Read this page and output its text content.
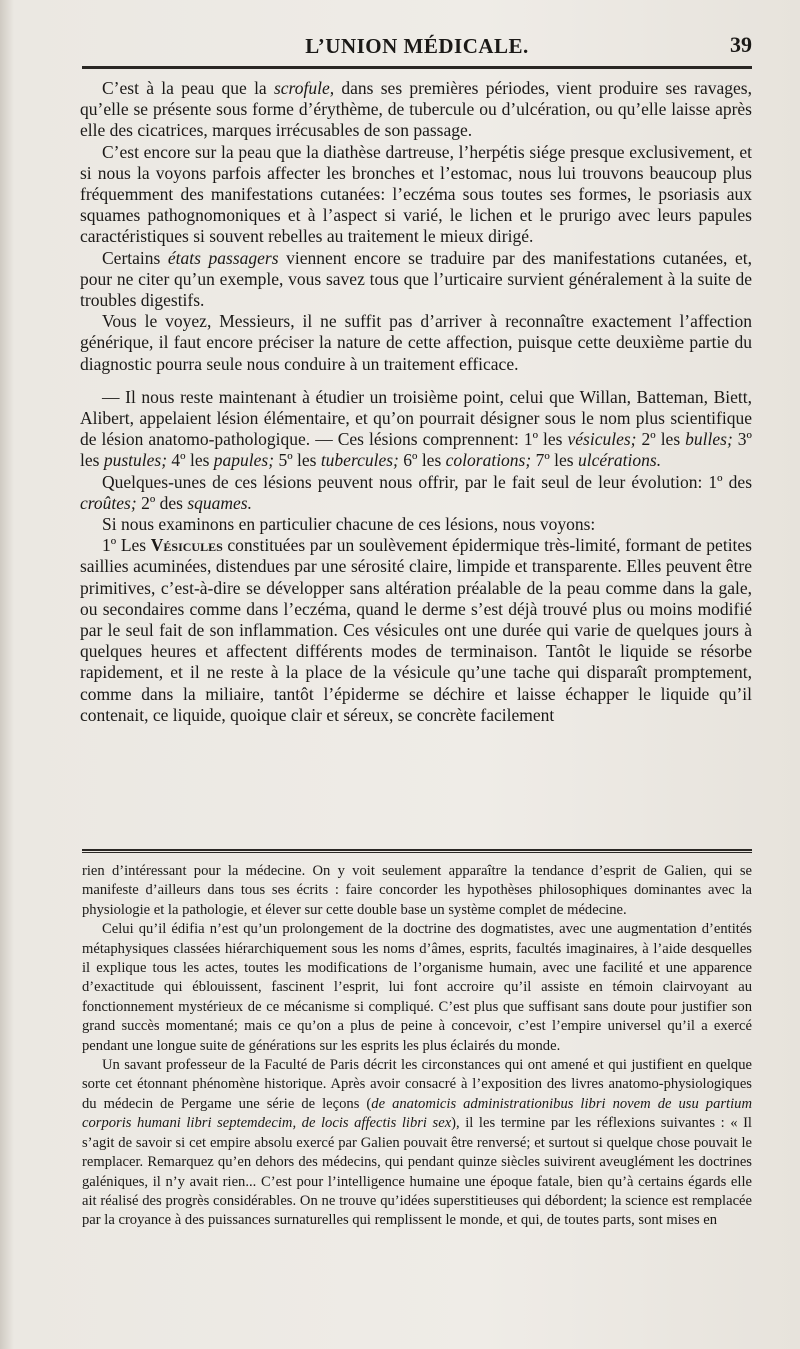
L’UNION MÉDICALE.	39

C’est à la peau que la scrofule, dans ses premières périodes, vient produire ses ravages, qu’elle se présente sous forme d’érythème, de tubercule ou d’ulcération, ou qu’elle laisse après elle des cicatrices, marques irrécusables de son passage.

C’est encore sur la peau que la diathèse dartreuse, l’herpétis siége presque exclusivement, et si nous la voyons parfois affecter les bronches et l’estomac, nous lui trouvons beaucoup plus fréquemment des manifestations cutanées: l’eczéma sous toutes ses formes, le psoriasis aux squames pathognomoniques et à l’aspect si varié, le lichen et le prurigo avec leurs papules caractéristiques si souvent rebelles au traitement le mieux dirigé.

Certains états passagers viennent encore se traduire par des manifestations cutanées, et, pour ne citer qu’un exemple, vous savez tous que l’urticaire survient généralement à la suite de troubles digestifs.

Vous le voyez, Messieurs, il ne suffit pas d’arriver à reconnaître exactement l’affection générique, il faut encore préciser la nature de cette affection, puisque cette deuxième partie du diagnostic pourra seule nous conduire à un traitement efficace.

— Il nous reste maintenant à étudier un troisième point, celui que Willan, Batteman, Biett, Alibert, appelaient lésion élémentaire, et qu’on pourrait désigner sous le nom plus scientifique de lésion anatomo-pathologique. — Ces lésions comprennent: 1º les vésicules; 2º les bulles; 3º les pustules; 4º les papules; 5º les tubercules; 6º les colorations; 7º les ulcérations.

Quelques-unes de ces lésions peuvent nous offrir, par le fait seul de leur évolution: 1º des croûtes; 2º des squames.

Si nous examinons en particulier chacune de ces lésions, nous voyons:

1º Les Vésicules constituées par un soulèvement épidermique très-limité, formant de petites saillies acuminées, distendues par une sérosité claire, limpide et transparente. Elles peuvent être primitives, c’est-à-dire se développer sans altération préalable de la peau comme dans la gale, ou secondaires comme dans l’eczéma, quand le derme s’est déjà trouvé plus ou moins modifié par le seul fait de son inflammation. Ces vésicules ont une durée qui varie de quelques jours à quelques heures et affectent différents modes de terminaison. Tantôt le liquide se résorbe rapidement, et il ne reste à la place de la vésicule qu’une tache qui disparaît promptement, comme dans la miliaire, tantôt l’épiderme se déchire et laisse échapper le liquide qu’il contenait, ce liquide, quoique clair et séreux, se concrète facilement

rien d’intéressant pour la médecine. On y voit seulement apparaître la tendance d’esprit de Galien, qui se manifeste d’ailleurs dans tous ses écrits : faire concorder les hypothèses philosophiques dominantes avec la physiologie et la pathologie, et élever sur cette double base un système complet de médecine.

Celui qu’il édifia n’est qu’un prolongement de la doctrine des dogmatistes, avec une augmentation d’entités métaphysiques classées hiérarchiquement sous les noms d’âmes, esprits, facultés imaginaires, à l’aide desquelles il explique tous les actes, toutes les modifications de l’organisme humain, avec une facilité et une apparence d’exactitude qui éblouissent, fascinent l’esprit, lui font accroire qu’il assiste en témoin clairvoyant au fonctionnement mystérieux de ce mécanisme si compliqué. C’est plus que suffisant sans doute pour justifier son grand succès momentané; mais ce qu’on a plus de peine à concevoir, c’est l’empire universel qu’il a exercé pendant une longue suite de générations sur les esprits les plus éclairés du monde.

Un savant professeur de la Faculté de Paris décrit les circonstances qui ont amené et qui justifient en quelque sorte cet étonnant phénomène historique. Après avoir consacré à l’exposition des livres anatomo-physiologiques du médecin de Pergame une série de leçons (de anatomicis administrationibus libri novem de usu partium corporis humani libri septemdecim, de locis affectis libri sex), il les termine par les réflexions suivantes : « Il s’agit de savoir si cet empire absolu exercé par Galien pouvait être renversé; et surtout si quelque chose pouvait le remplacer. Remarquez qu’en dehors des médecins, qui pendant quinze siècles suivirent aveuglément les doctrines galéniques, il n’y avait rien... C’est pour l’intelligence humaine une époque fatale, bien qu’à certains égards elle ait réalisé des progrès considérables. On ne trouve qu’idées superstitieuses qui débordent; la science est remplacée par la croyance à des puissances surnaturelles qui remplissent le monde, et qui, de toutes parts, sont mises en
